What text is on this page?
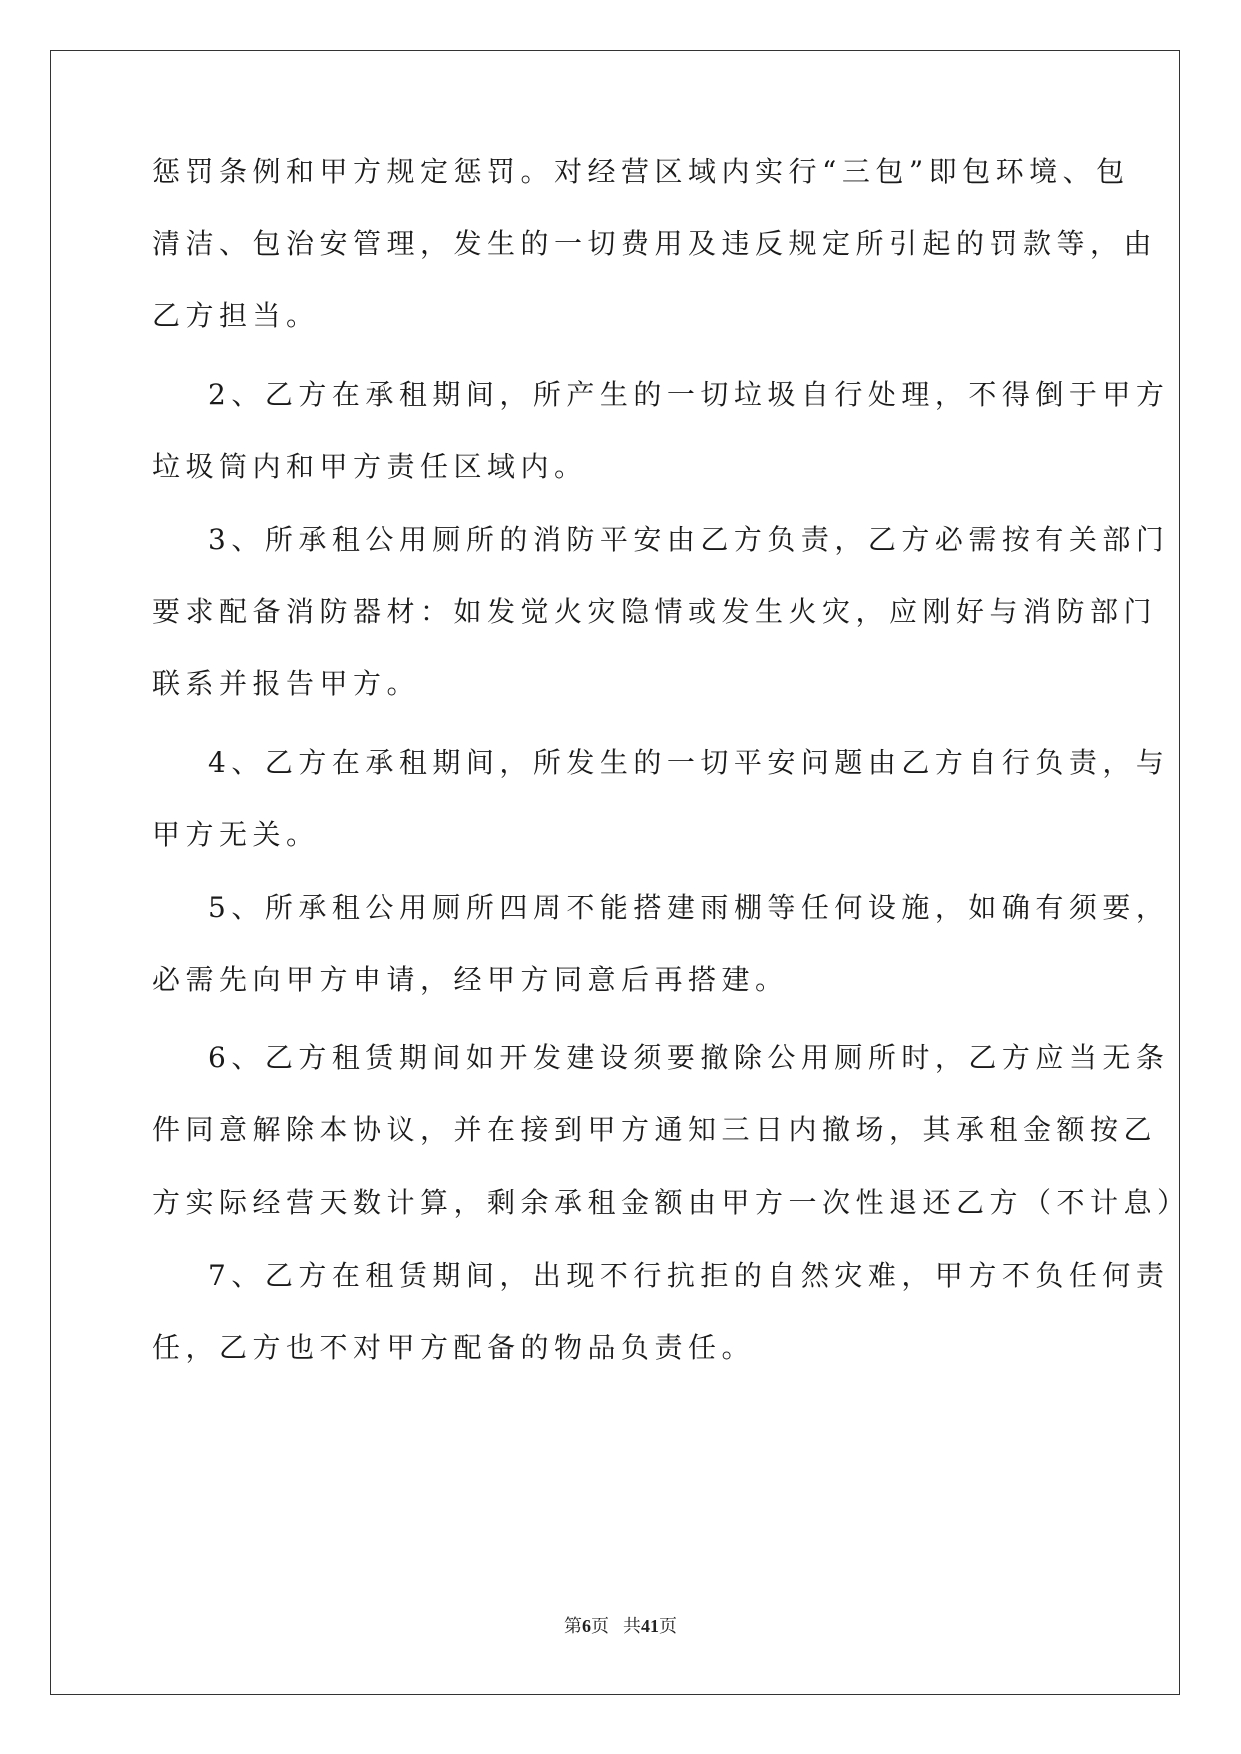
惩罚条例和甲方规定惩罚。对经营区域内实行“三包”即包环境、包
清洁、包治安管理，发生的一切费用及违反规定所引起的罚款等，由
乙方担当。
2、乙方在承租期间，所产生的一切垃圾自行处理，不得倒于甲方
垃圾筒内和甲方责任区域内。
3、所承租公用厕所的消防平安由乙方负责，乙方必需按有关部门
要求配备消防器材：如发觉火灾隐情或发生火灾，应刚好与消防部门
联系并报告甲方。
4、乙方在承租期间，所发生的一切平安问题由乙方自行负责，与
甲方无关。
5、所承租公用厕所四周不能搭建雨棚等任何设施，如确有须要，
必需先向甲方申请，经甲方同意后再搭建。
6、乙方租赁期间如开发建设须要撤除公用厕所时，乙方应当无条
件同意解除本协议，并在接到甲方通知三日内撤场，其承租金额按乙
方实际经营天数计算，剩余承租金额由甲方一次性退还乙方（不计息）
7、乙方在租赁期间，出现不行抗拒的自然灾难，甲方不负任何责
任，乙方也不对甲方配备的物品负责任。
第6页 共41页
